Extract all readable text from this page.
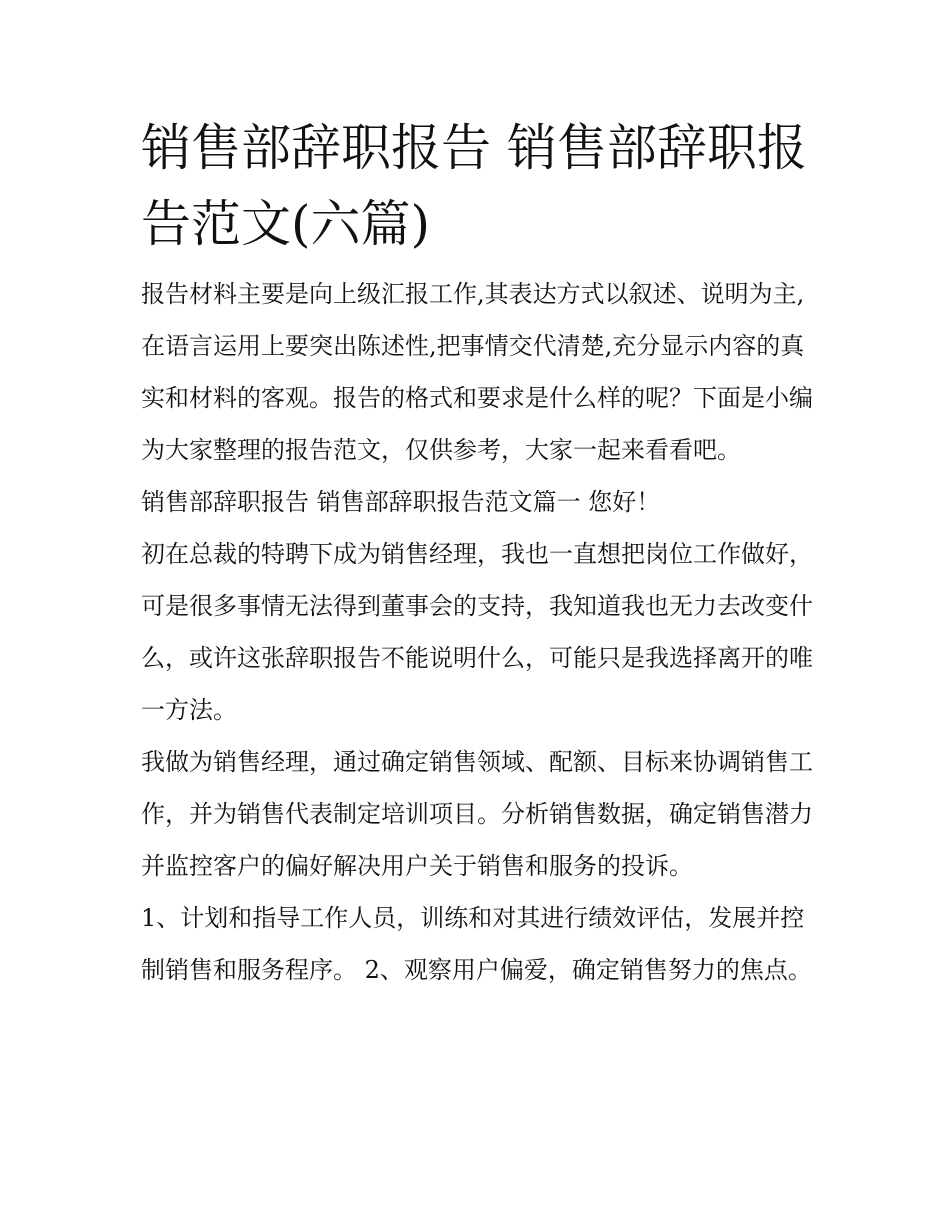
销售部辞职报告 销售部辞职报告范文(六篇)

报告材料主要是向上级汇报工作,其表达方式以叙述、说明为主,在语言运用上要突出陈述性,把事情交代清楚,充分显示内容的真实和材料的客观。报告的格式和要求是什么样的呢？下面是小编为大家整理的报告范文，仅供参考，大家一起来看看吧。

销售部辞职报告 销售部辞职报告范文篇一 您好！

初在总裁的特聘下成为销售经理，我也一直想把岗位工作做好，可是很多事情无法得到董事会的支持，我知道我也无力去改变什么，或许这张辞职报告不能说明什么，可能只是我选择离开的唯一方法。

我做为销售经理，通过确定销售领域、配额、目标来协调销售工作，并为销售代表制定培训项目。分析销售数据，确定销售潜力并监控客户的偏好解决用户关于销售和服务的投诉。

1、计划和指导工作人员，训练和对其进行绩效评估，发展并控制销售和服务程序。 2、观察用户偏爱，确定销售努力的焦点。
